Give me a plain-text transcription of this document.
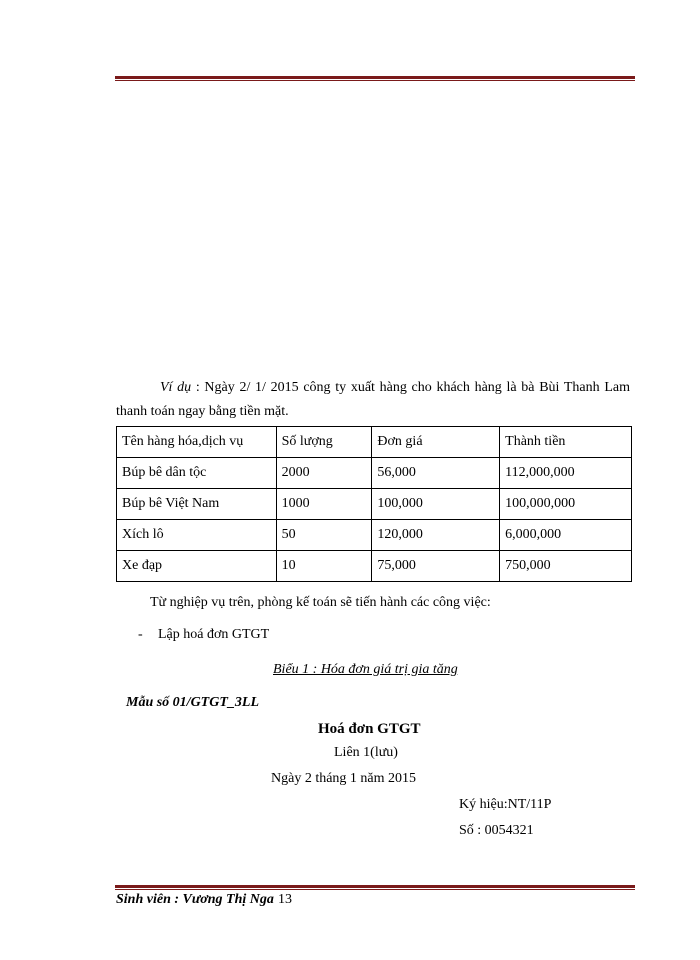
Ví dụ : Ngày 2/ 1/ 2015 công ty xuất hàng cho khách hàng là bà Bùi Thanh Lam thanh toán ngay bằng tiền mặt.
Tên hàng hóa,dịch vụ	Số lượng	Đơn giá	Thành tiền
Búp bê dân tộc	2000	56,000	112,000,000
Búp bê Việt Nam	1000	100,000	100,000,000
Xích lô	50	120,000	6,000,000
Xe đạp	10	75,000	750,000
Từ nghiệp vụ trên, phòng kế toán sẽ tiến hành các công việc:
- Lập hoá đơn GTGT
Biểu 1 : Hóa đơn giá trị gia tăng
Mẫu số 01/GTGT_3LL
Hoá đơn GTGT
Liên 1(lưu)
Ngày 2 tháng 1 năm 2015
Ký hiệu:NT/11P
Số : 0054321
Sinh viên : Vương Thị Nga 13
